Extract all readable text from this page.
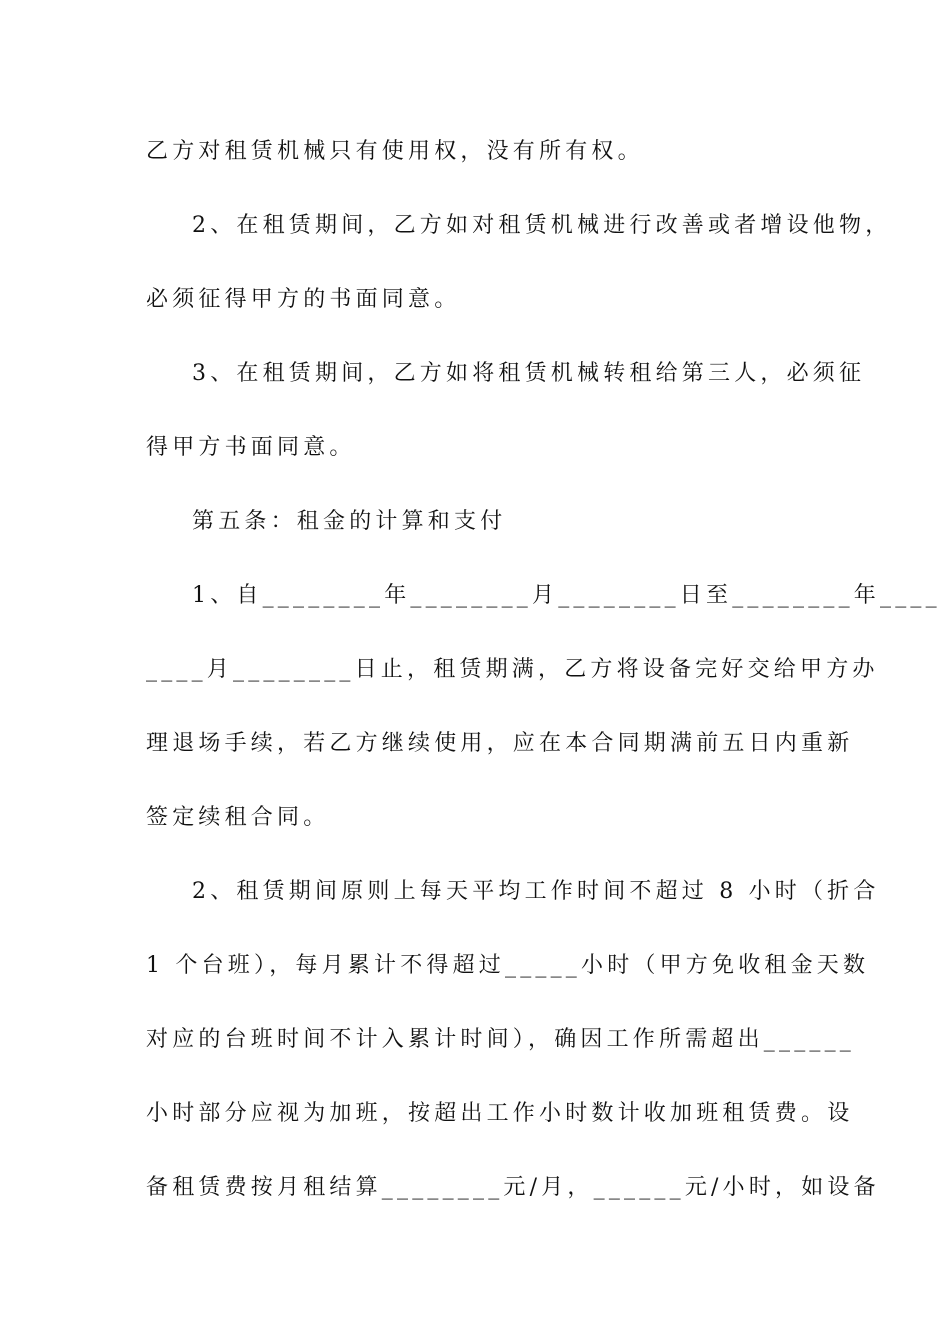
乙方对租赁机械只有使用权，没有所有权。
2、在租赁期间，乙方如对租赁机械进行改善或者增设他物，
必须征得甲方的书面同意。
3、在租赁期间，乙方如将租赁机械转租给第三人，必须征
得甲方书面同意。
第五条：租金的计算和支付
1、自________年________月________日至________年____
____月________日止，租赁期满，乙方将设备完好交给甲方办
理退场手续，若乙方继续使用，应在本合同期满前五日内重新
签定续租合同。
2、租赁期间原则上每天平均工作时间不超过 8 小时（折合
1 个台班），每月累计不得超过_____小时（甲方免收租金天数
对应的台班时间不计入累计时间），确因工作所需超出______
小时部分应视为加班，按超出工作小时数计收加班租赁费。设
备租赁费按月租结算________元/月，______元/小时，如设备
